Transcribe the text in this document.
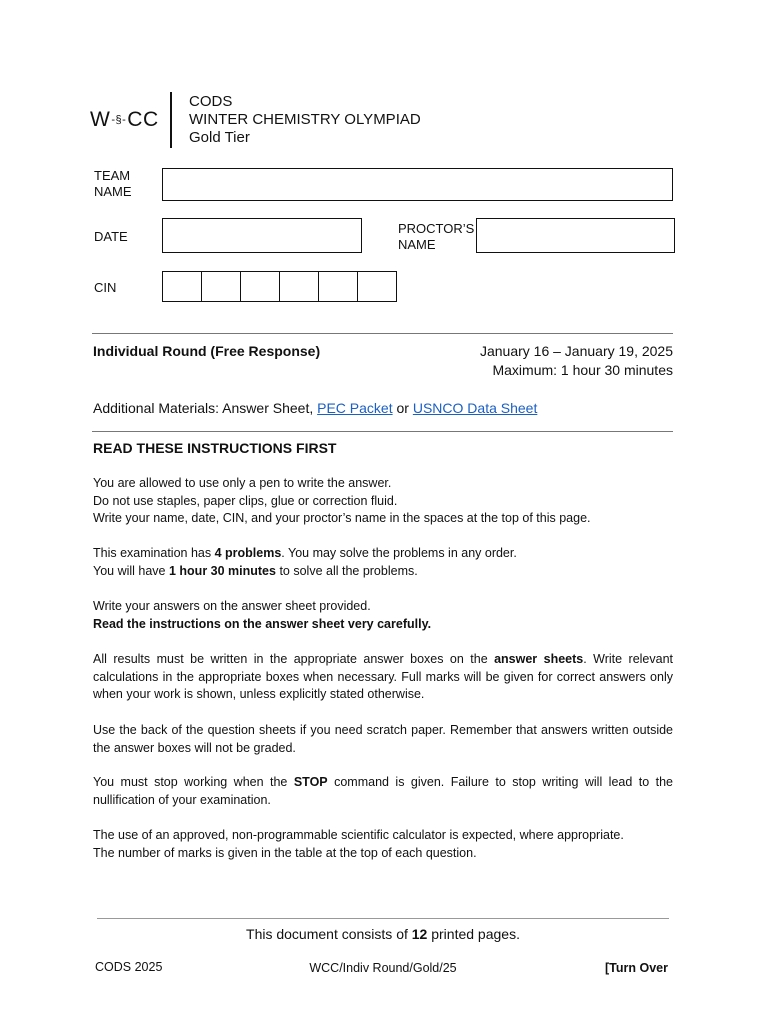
W-§-CC
CODS
WINTER CHEMISTRY OLYMPIAD
Gold Tier
TEAM
NAME
DATE
PROCTOR’S
NAME
CIN
Individual Round (Free Response)	January 16 – January 19, 2025
Maximum: 1 hour 30 minutes
Additional Materials: Answer Sheet, PEC Packet or USNCO Data Sheet
READ THESE INSTRUCTIONS FIRST
You are allowed to use only a pen to write the answer.
Do not use staples, paper clips, glue or correction fluid.
Write your name, date, CIN, and your proctor’s name in the spaces at the top of this page.
This examination has 4 problems. You may solve the problems in any order.
You will have 1 hour 30 minutes to solve all the problems.
Write your answers on the answer sheet provided.
Read the instructions on the answer sheet very carefully.
All results must be written in the appropriate answer boxes on the answer sheets. Write relevant calculations in the appropriate boxes when necessary. Full marks will be given for correct answers only when your work is shown, unless explicitly stated otherwise.
Use the back of the question sheets if you need scratch paper. Remember that answers written outside the answer boxes will not be graded.
You must stop working when the STOP command is given. Failure to stop writing will lead to the nullification of your examination.
The use of an approved, non-programmable scientific calculator is expected, where appropriate.
The number of marks is given in the table at the top of each question.
This document consists of 12 printed pages.
CODS 2025	WCC/Indiv Round/Gold/25	[Turn Over
